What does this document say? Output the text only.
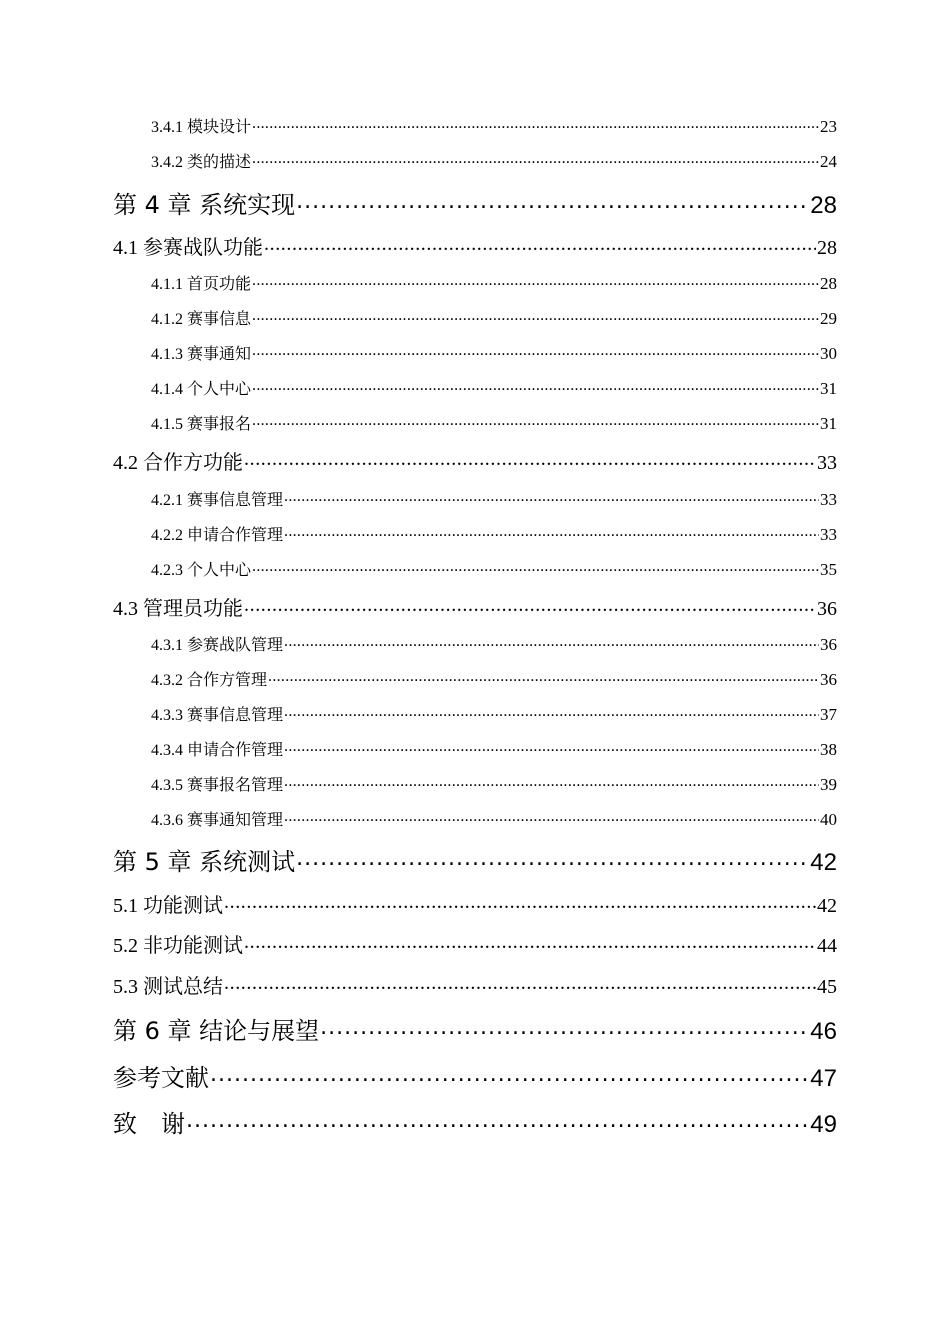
3.4.1 模块设计 .....	23
3.4.2 类的描述 .....	24
第 4 章 系统实现 .....	28
4.1 参赛战队功能 .....	28
4.1.1 首页功能 .....	28
4.1.2 赛事信息 .....	29
4.1.3 赛事通知 .....	30
4.1.4 个人中心 .....	31
4.1.5 赛事报名 .....	31
4.2 合作方功能 .....	33
4.2.1 赛事信息管理 .....	33
4.2.2 申请合作管理 .....	33
4.2.3 个人中心 .....	35
4.3 管理员功能 .....	36
4.3.1 参赛战队管理 .....	36
4.3.2 合作方管理 .....	36
4.3.3 赛事信息管理 .....	37
4.3.4 申请合作管理 .....	38
4.3.5 赛事报名管理 .....	39
4.3.6 赛事通知管理 .....	40
第 5 章 系统测试 .....	42
5.1 功能测试 .....	42
5.2 非功能测试 .....	44
5.3 测试总结 .....	45
第 6 章 结论与展望 .....	46
参考文献 .....	47
致　谢 .....	49
